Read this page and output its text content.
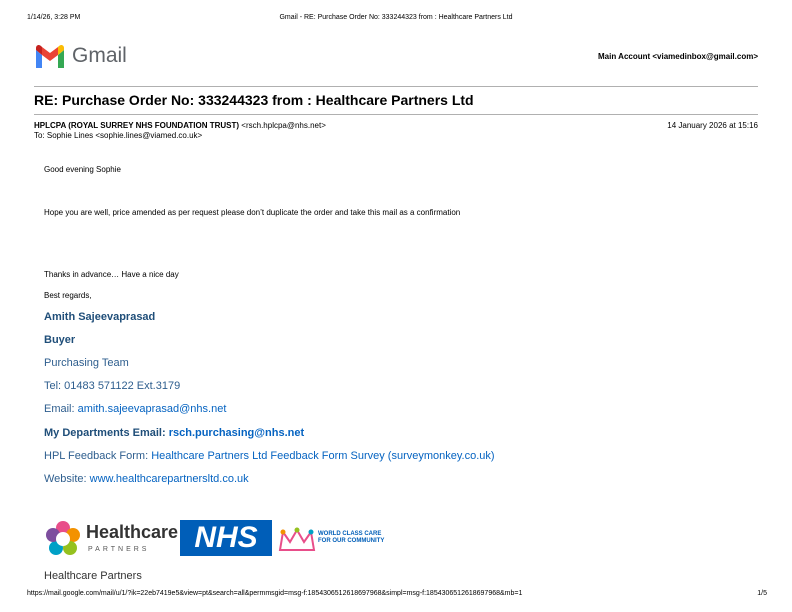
1/14/26, 3:28 PM	Gmail - RE: Purchase Order No: 333244323 from : Healthcare Partners Ltd
Gmail	Main Account <viamedinbox@gmail.com>
RE: Purchase Order No: 333244323 from : Healthcare Partners Ltd
HPLCPA (ROYAL SURREY NHS FOUNDATION TRUST) <rsch.hplcpa@nhs.net>	14 January 2026 at 15:16
To: Sophie Lines <sophie.lines@viamed.co.uk>
Good evening Sophie
Hope you are well, price amended as per request please don’t duplicate the order and take this mail as a confirmation
Thanks in advance… Have a nice day
Best regards,
Amith Sajeevaprasad
Buyer
Purchasing Team
Tel: 01483 571122 Ext.3179
Email: amith.sajeevaprasad@nhs.net
My Departments Email: rsch.purchasing@nhs.net
HPL Feedback Form: Healthcare Partners Ltd Feedback Form Survey (surveymonkey.co.uk)
Website: www.healthcarepartnersltd.co.uk
Healthcare
PARTNERS	NHS	WORLD CLASS CARE
FOR OUR COMMUNITY
Healthcare Partners
https://mail.google.com/mail/u/1/?ik=22eb7419e5&view=pt&search=all&permmsgid=msg-f:1854306512618697968&simpl=msg-f:1854306512618697968&mb=1	1/5
